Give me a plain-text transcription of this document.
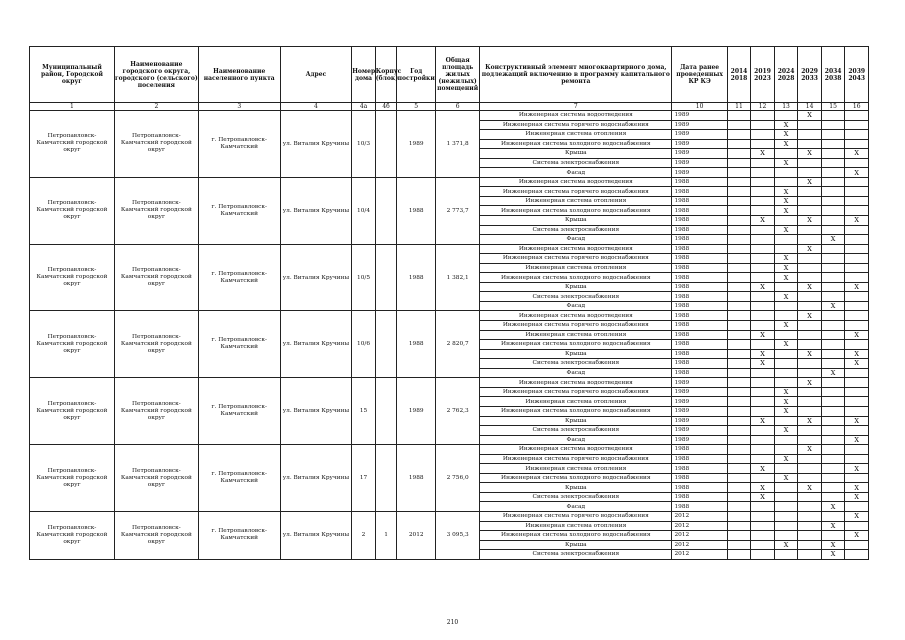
Муниципальный район, Городской округ	Наименование городского округа, городского (сельского) поселения	Наименование населенного пункта	Адрес	Номер дома	Корпус (блок)	Год постройки	Общая площадь жилых (нежилых) помещений	Конструктивный элемент многоквартирного дома, подлежащий включению в программу капитального ремонта	Дата ранее проведенных КР КЭ	2014 2018	2019 2023	2024 2028	2029 2033	2034 2038	2039 2043
1	2	3	4	4а	4б	5	6	7	10	11	12	13	14	15	16
Петропавловск-Камчатский городской округ	Петропавловск-Камчатский городской округ	г. Петропавловск-Камчатский	ул. Виталия Кручины	10/3		1989	1 371,8	Инженерная система водоотведения	1989				X		
								Инженерная система горячего водоснабжения	1989			X			
								Инженерная система отопления	1989			X			
								Инженерная система холодного водоснабжения	1989			X			
								Крыша	1989		X		X		X
								Система электроснабжения	1989			X			
								Фасад	1989						X
Петропавловск-Камчатский городской округ	Петропавловск-Камчатский городской округ	г. Петропавловск-Камчатский	ул. Виталия Кручины	10/4		1988	2 773,7	Инженерная система водоотведения	1988				X		
								Инженерная система горячего водоснабжения	1988			X			
								Инженерная система отопления	1988			X			
								Инженерная система холодного водоснабжения	1988			X			
								Крыша	1988		X		X		X
								Система электроснабжения	1988			X			
								Фасад	1988					X	
Петропавловск-Камчатский городской округ	Петропавловск-Камчатский городской округ	г. Петропавловск-Камчатский	ул. Виталия Кручины	10/5		1988	1 382,1	Инженерная система водоотведения	1988				X		
								Инженерная система горячего водоснабжения	1988			X			
								Инженерная система отопления	1988			X			
								Инженерная система холодного водоснабжения	1988			X			
								Крыша	1988		X		X		X
								Система электроснабжения	1988			X			
								Фасад	1988					X	
Петропавловск-Камчатский городской округ	Петропавловск-Камчатский городской округ	г. Петропавловск-Камчатский	ул. Виталия Кручины	10/6		1988	2 820,7	Инженерная система водоотведения	1988				X		
								Инженерная система горячего водоснабжения	1988			X			
								Инженерная система отопления	1988		X				X
								Инженерная система холодного водоснабжения	1988			X			
								Крыша	1988		X		X		X
								Система электроснабжения	1988		X				X
								Фасад	1988					X	
Петропавловск-Камчатский городской округ	Петропавловск-Камчатский городской округ	г. Петропавловск-Камчатский	ул. Виталия Кручины	15		1989	2 762,3	Инженерная система водоотведения	1989				X		
								Инженерная система горячего водоснабжения	1989			X			
								Инженерная система отопления	1989			X			
								Инженерная система холодного водоснабжения	1989			X			
								Крыша	1989		X		X		X
								Система электроснабжения	1989			X			
								Фасад	1989						X
Петропавловск-Камчатский городской округ	Петропавловск-Камчатский городской округ	г. Петропавловск-Камчатский	ул. Виталия Кручины	17		1988	2 756,0	Инженерная система водоотведения	1988				X		
								Инженерная система горячего водоснабжения	1988			X			
								Инженерная система отопления	1988		X				X
								Инженерная система холодного водоснабжения	1988			X			
								Крыша	1988		X		X		X
								Система электроснабжения	1988		X				X
								Фасад	1988					X	
Петропавловск-Камчатский городской округ	Петропавловск-Камчатский городской округ	г. Петропавловск-Камчатский	ул. Виталия Кручины	2	1	2012	3 095,3	Инженерная система горячего водоснабжения	2012						X
								Инженерная система отопления	2012					X	
								Инженерная система холодного водоснабжения	2012						X
								Крыша	2012			X		X	
								Система электроснабжения	2012					X	
210
